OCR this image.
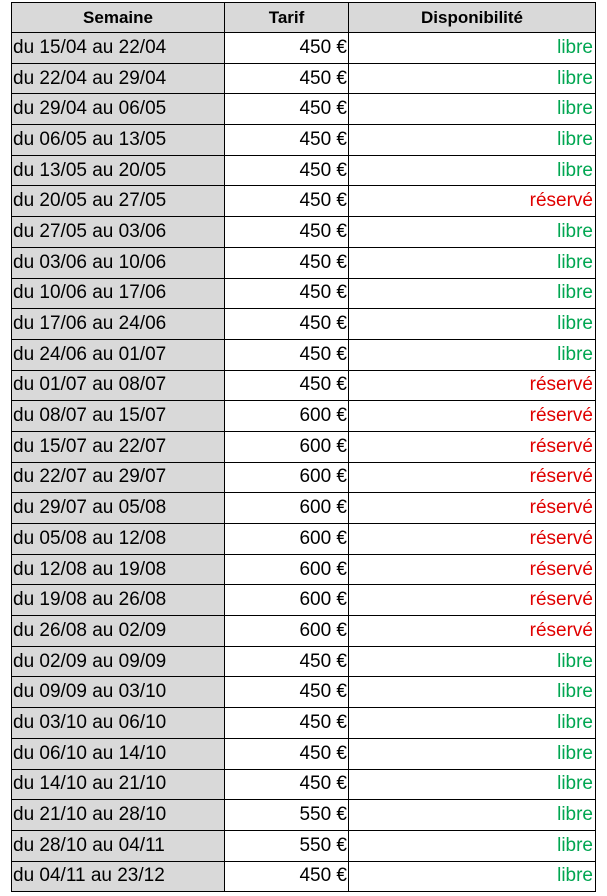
Semaine	Tarif	Disponibilité
du 15/04 au 22/04	450 €	libre
du 22/04 au 29/04	450 €	libre
du 29/04 au 06/05	450 €	libre
du 06/05 au 13/05	450 €	libre
du 13/05 au 20/05	450 €	libre
du 20/05 au 27/05	450 €	réservé
du 27/05 au 03/06	450 €	libre
du 03/06 au 10/06	450 €	libre
du 10/06 au 17/06	450 €	libre
du 17/06 au 24/06	450 €	libre
du 24/06 au 01/07	450 €	libre
du 01/07 au 08/07	450 €	réservé
du 08/07 au 15/07	600 €	réservé
du 15/07 au 22/07	600 €	réservé
du 22/07 au 29/07	600 €	réservé
du 29/07 au 05/08	600 €	réservé
du 05/08 au 12/08	600 €	réservé
du 12/08 au 19/08	600 €	réservé
du 19/08 au 26/08	600 €	réservé
du 26/08 au 02/09	600 €	réservé
du 02/09 au 09/09	450 €	libre
du 09/09 au 03/10	450 €	libre
du 03/10 au 06/10	450 €	libre
du 06/10 au 14/10	450 €	libre
du 14/10 au 21/10	450 €	libre
du 21/10 au 28/10	550 €	libre
du 28/10 au 04/11	550 €	libre
du 04/11 au 23/12	450 €	libre
